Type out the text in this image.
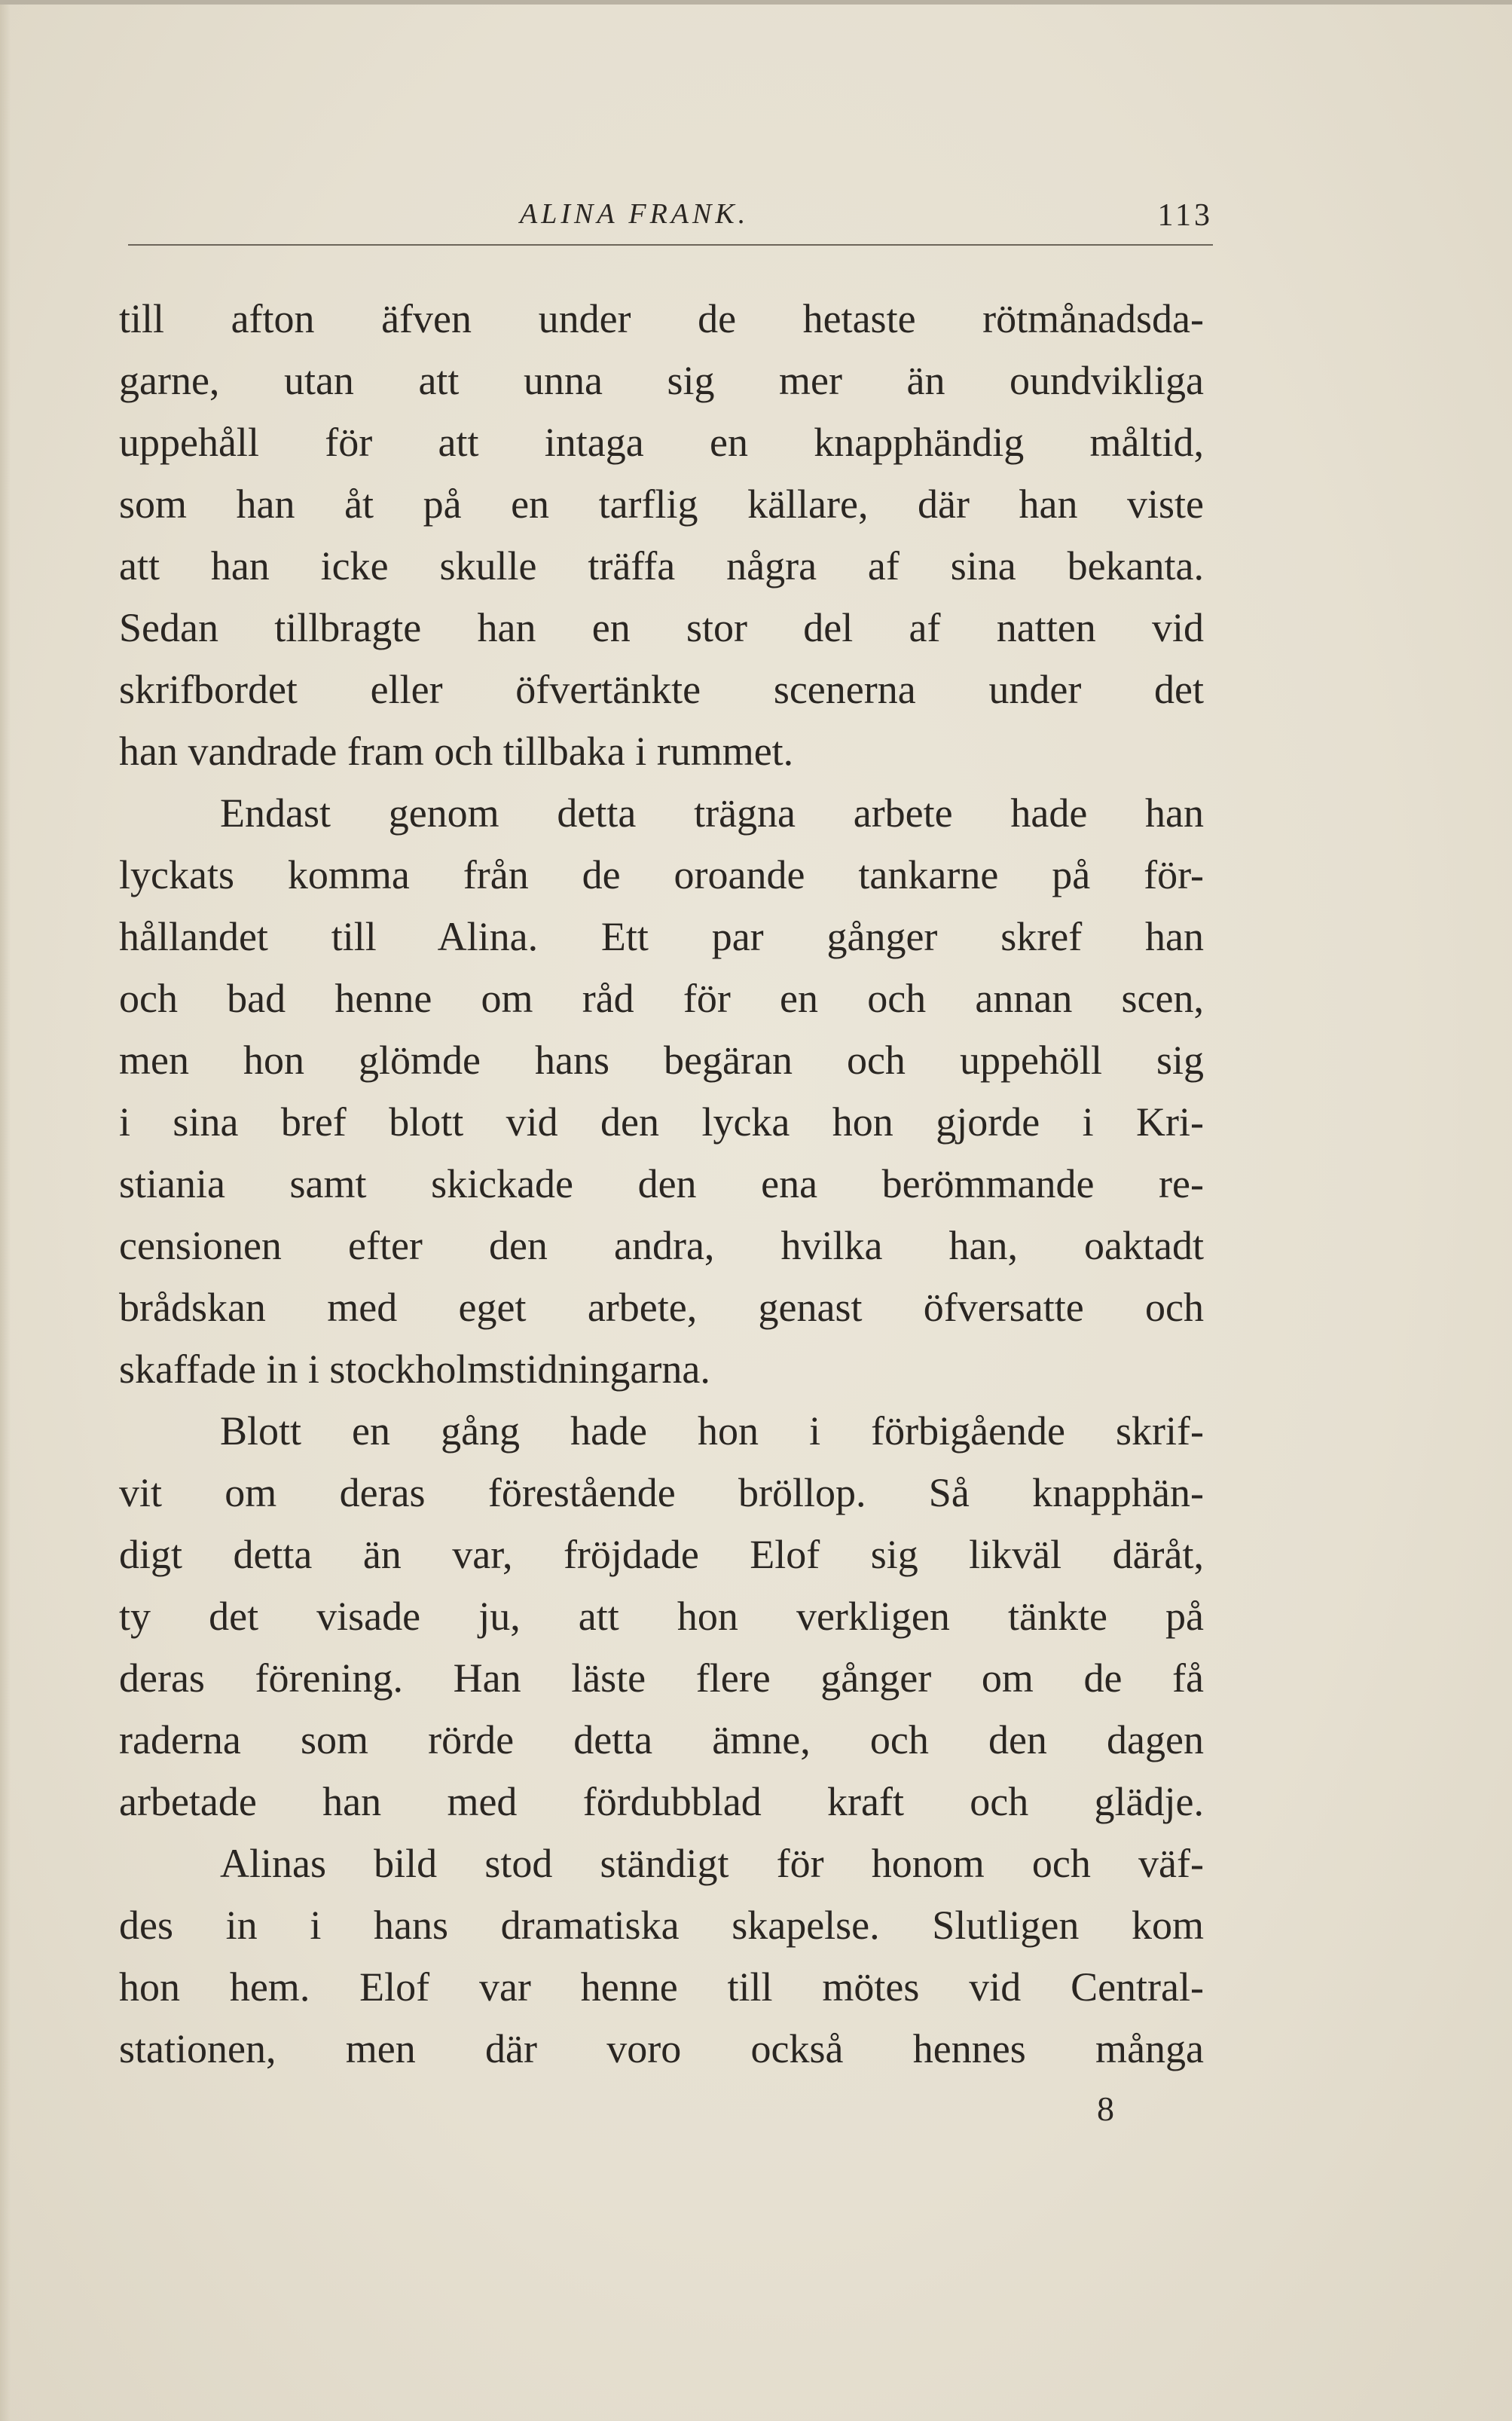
ALINA FRANK.	113
till afton äfven under de hetaste rötmånadsda-
garne, utan att unna sig mer än oundvikliga
uppehåll för att intaga en knapphändig måltid,
som han åt på en tarflig källare, där han viste
att han icke skulle träffa några af sina bekanta.
Sedan tillbragte han en stor del af natten vid
skrifbordet eller öfvertänkte scenerna under det
han vandrade fram och tillbaka i rummet.
Endast genom detta trägna arbete hade han
lyckats komma från de oroande tankarne på för-
hållandet till Alina. Ett par gånger skref han
och bad henne om råd för en och annan scen,
men hon glömde hans begäran och uppehöll sig
i sina bref blott vid den lycka hon gjorde i Kri-
stiania samt skickade den ena berömmande re-
censionen efter den andra, hvilka han, oaktadt
brådskan med eget arbete, genast öfversatte och
skaffade in i stockholmstidningarna.
Blott en gång hade hon i förbigående skrif-
vit om deras förestående bröllop. Så knapphän-
digt detta än var, fröjdade Elof sig likväl däråt,
ty det visade ju, att hon verkligen tänkte på
deras förening. Han läste flere gånger om de få
raderna som rörde detta ämne, och den dagen
arbetade han med fördubblad kraft och glädje.
Alinas bild stod ständigt för honom och väf-
des in i hans dramatiska skapelse. Slutligen kom
hon hem. Elof var henne till mötes vid Central-
stationen, men där voro också hennes många
8
